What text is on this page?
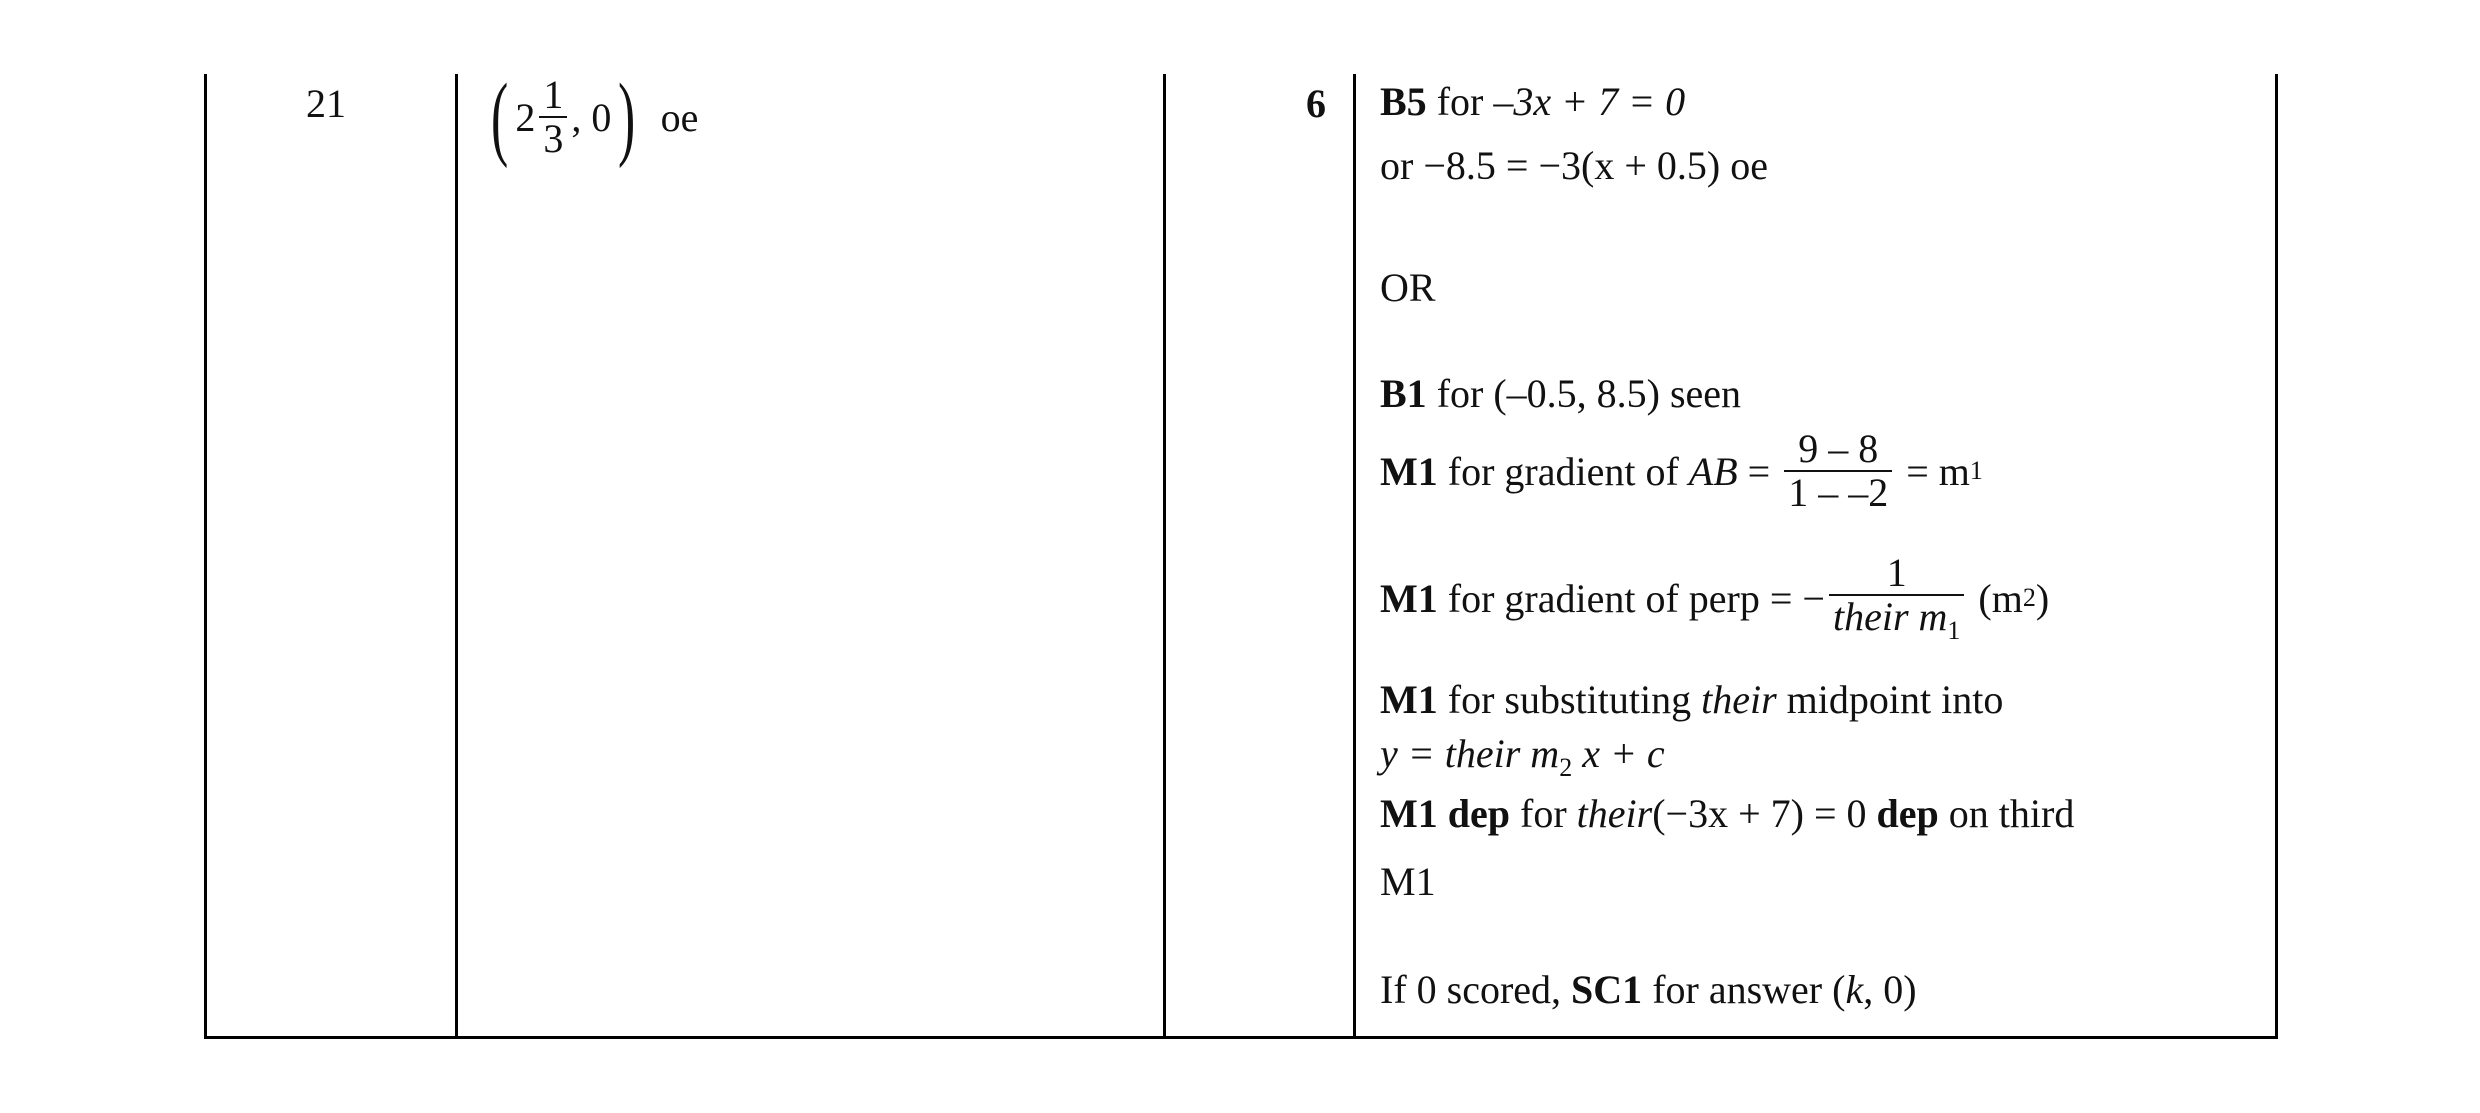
21 ( $2 \frac{1}{3}$ , 0 ) oe	6 B5 for –3x + 7 = 0
or −8.5 = −3(x + 0.5) oe
OR
B1 for (–0.5, 8.5) seen
M1 for gradient of AB = $\frac{9 - 8}{1 - -2} = m$ 1
M1 for gradient of perp = − $\frac{1}{their m_1} (m$ 2 )
M1 for substituting their midpoint into
y = their $m_2$ x + c
M1 dep for their(−3x + 7) = 0 dep on third
M1
If 0 scored, SC1 for answer (k, 0)
